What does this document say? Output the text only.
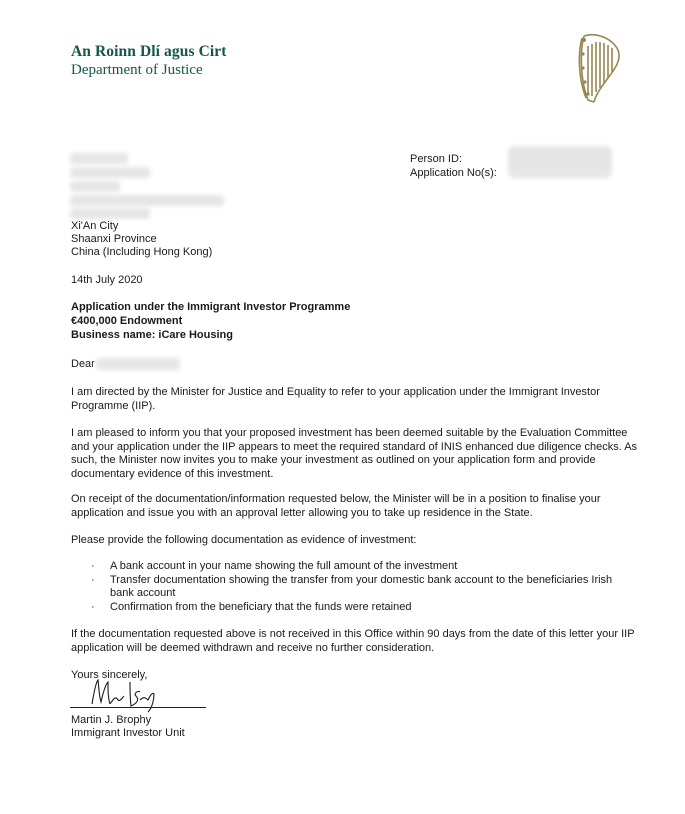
An Roinn Dlí agus Cirt
Department of Justice
Person ID:
Application No(s):
Xi'An City
Shaanxi Province
China (Including Hong Kong)
14th July 2020
Application under the Immigrant Investor Programme
€400,000 Endowment
Business name: iCare Housing
Dear
I am directed by the Minister for Justice and Equality to refer to your application under the Immigrant Investor Programme (IIP).
I am pleased to inform you that your proposed investment has been deemed suitable by the Evaluation Committee and your application under the IIP appears to meet the required standard of INIS enhanced due diligence checks. As such, the Minister now invites you to make your investment as outlined on your application form and provide documentary evidence of this investment.
On receipt of the documentation/information requested below, the Minister will be in a position to finalise your application and issue you with an approval letter allowing you to take up residence in the State.
Please provide the following documentation as evidence of investment:
· A bank account in your name showing the full amount of the investment
· Transfer documentation showing the transfer from your domestic bank account to the beneficiaries Irish bank account
· Confirmation from the beneficiary that the funds were retained
If the documentation requested above is not received in this Office within 90 days from the date of this letter your IIP application will be deemed withdrawn and receive no further consideration.
Yours sincerely,
Martin J. Brophy
Immigrant Investor Unit
